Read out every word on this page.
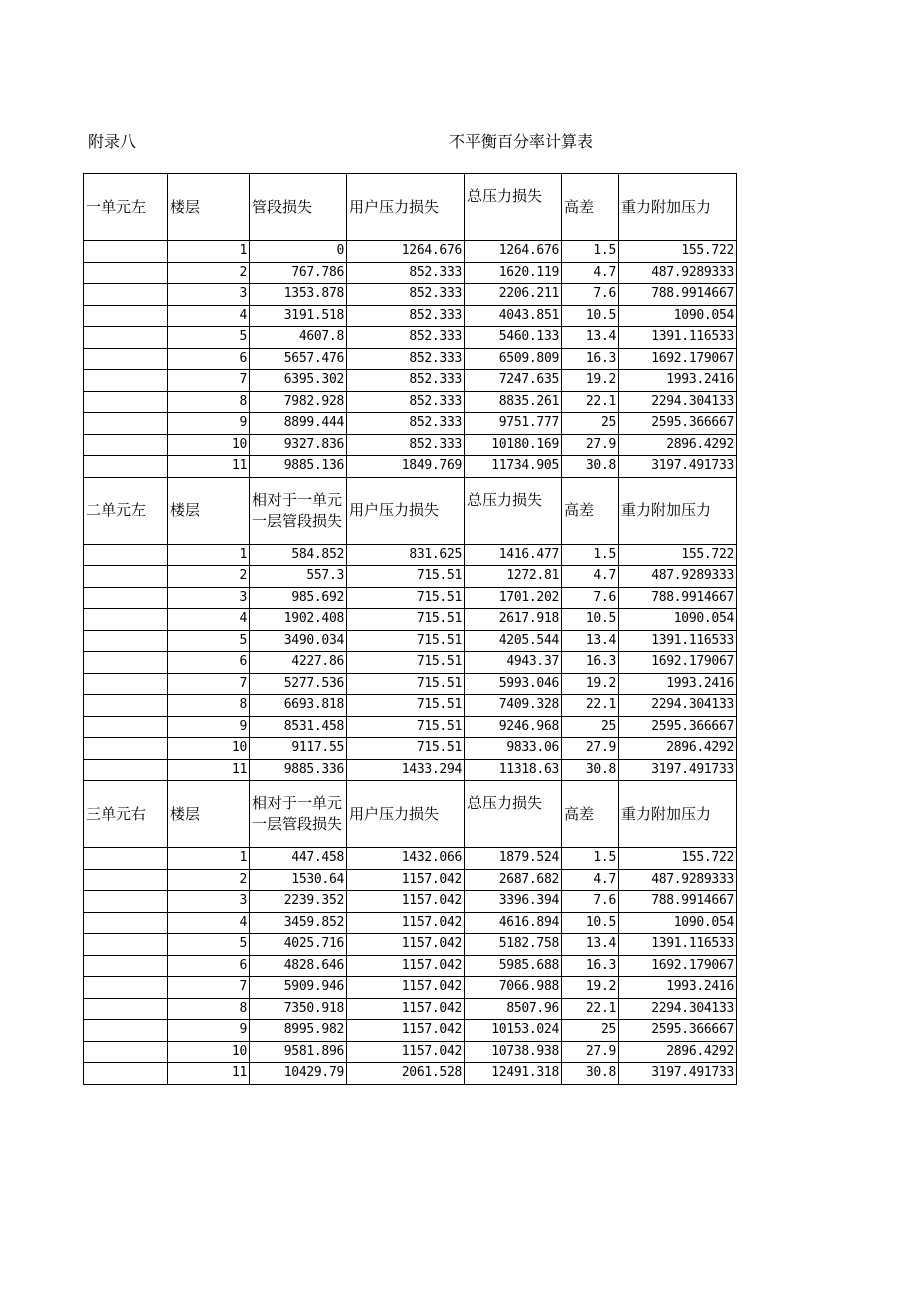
附录八	不平衡百分率计算表
一单元左	楼层	管段损失	用户压力损失	总压力损失	高差	重力附加压力
	1	0	1264.676	1264.676	1.5	155.722
	2	767.786	852.333	1620.119	4.7	487.9289333
	3	1353.878	852.333	2206.211	7.6	788.9914667
	4	3191.518	852.333	4043.851	10.5	1090.054
	5	4607.8	852.333	5460.133	13.4	1391.116533
	6	5657.476	852.333	6509.809	16.3	1692.179067
	7	6395.302	852.333	7247.635	19.2	1993.2416
	8	7982.928	852.333	8835.261	22.1	2294.304133
	9	8899.444	852.333	9751.777	25	2595.366667
	10	9327.836	852.333	10180.169	27.9	2896.4292
	11	9885.136	1849.769	11734.905	30.8	3197.491733
二单元左	楼层	相对于一单元一层管段损失	用户压力损失	总压力损失	高差	重力附加压力
	1	584.852	831.625	1416.477	1.5	155.722
	2	557.3	715.51	1272.81	4.7	487.9289333
	3	985.692	715.51	1701.202	7.6	788.9914667
	4	1902.408	715.51	2617.918	10.5	1090.054
	5	3490.034	715.51	4205.544	13.4	1391.116533
	6	4227.86	715.51	4943.37	16.3	1692.179067
	7	5277.536	715.51	5993.046	19.2	1993.2416
	8	6693.818	715.51	7409.328	22.1	2294.304133
	9	8531.458	715.51	9246.968	25	2595.366667
	10	9117.55	715.51	9833.06	27.9	2896.4292
	11	9885.336	1433.294	11318.63	30.8	3197.491733
三单元右	楼层	相对于一单元一层管段损失	用户压力损失	总压力损失	高差	重力附加压力
	1	447.458	1432.066	1879.524	1.5	155.722
	2	1530.64	1157.042	2687.682	4.7	487.9289333
	3	2239.352	1157.042	3396.394	7.6	788.9914667
	4	3459.852	1157.042	4616.894	10.5	1090.054
	5	4025.716	1157.042	5182.758	13.4	1391.116533
	6	4828.646	1157.042	5985.688	16.3	1692.179067
	7	5909.946	1157.042	7066.988	19.2	1993.2416
	8	7350.918	1157.042	8507.96	22.1	2294.304133
	9	8995.982	1157.042	10153.024	25	2595.366667
	10	9581.896	1157.042	10738.938	27.9	2896.4292
	11	10429.79	2061.528	12491.318	30.8	3197.491733
